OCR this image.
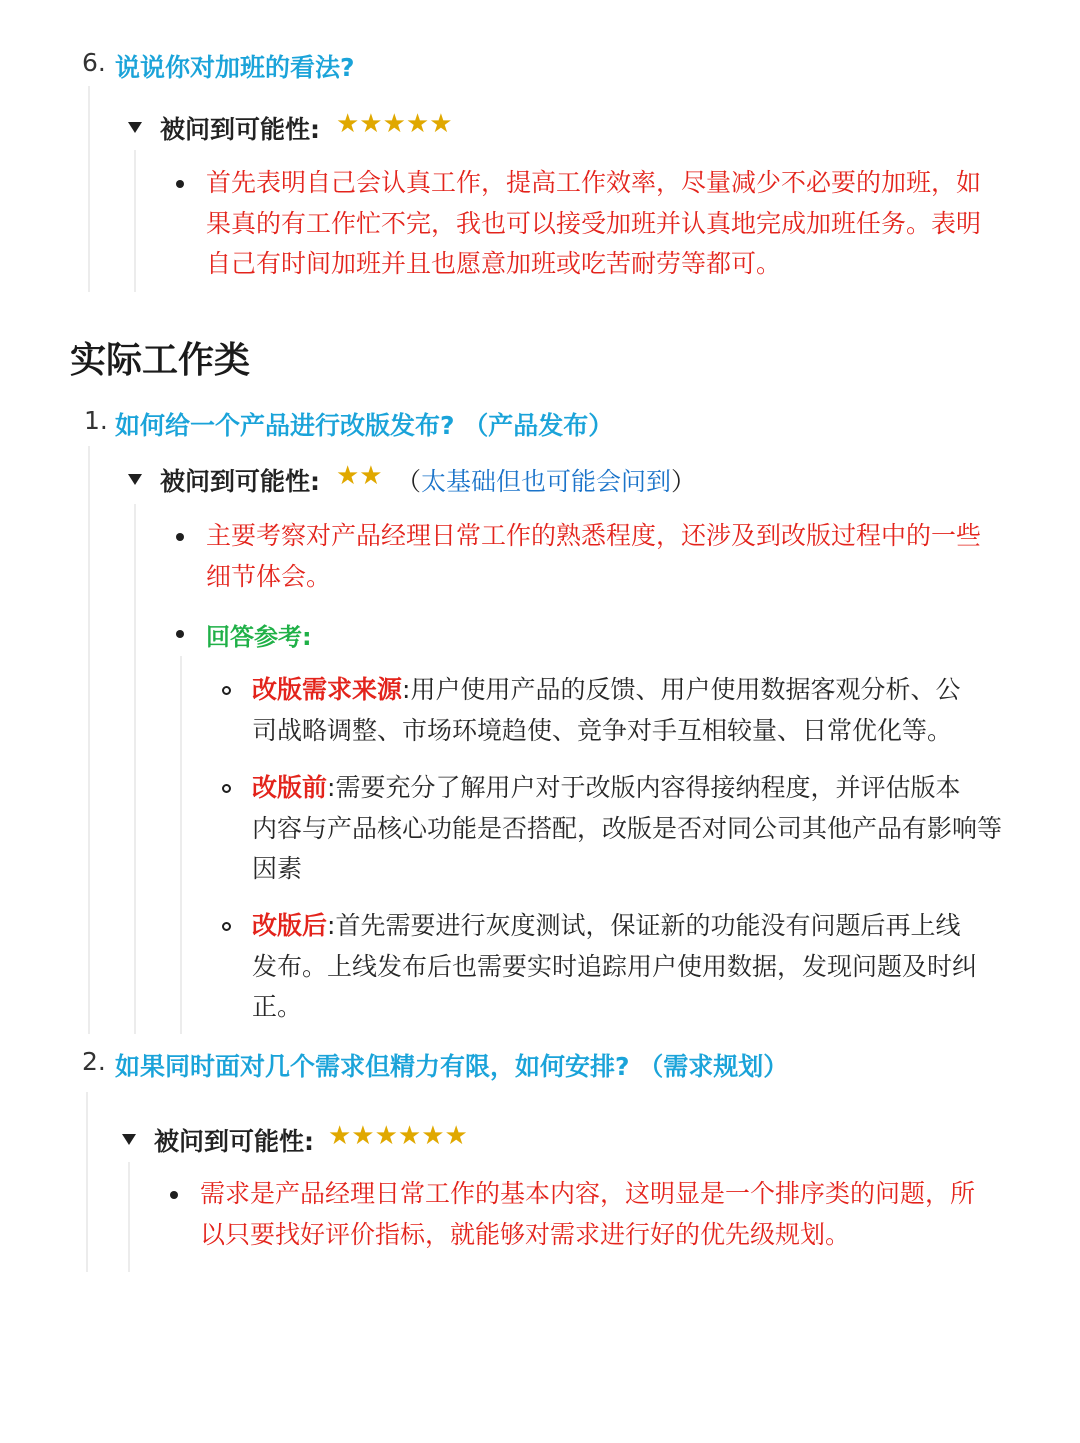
6. 说说你对加班的看法?
被问到可能性: ★★★★★
首先表明自己会认真工作，提高工作效率，尽量减少不必要的加班，如
果真的有工作忙不完，我也可以接受加班并认真地完成加班任务。表明
自己有时间加班并且也愿意加班或吃苦耐劳等都可。
实际工作类
1. 如何给一个产品进行改版发布? （产品发布）
被问到可能性: ★★ （太基础但也可能会问到）
主要考察对产品经理日常工作的熟悉程度，还涉及到改版过程中的一些
细节体会。
回答参考:
改版需求来源:用户使用产品的反馈、用户使用数据客观分析、公
司战略调整、市场环境趋使、竞争对手互相较量、日常优化等。
改版前:需要充分了解用户对于改版内容得接纳程度，并评估版本
内容与产品核心功能是否搭配，改版是否对同公司其他产品有影响等
因素
改版后:首先需要进行灰度测试，保证新的功能没有问题后再上线
发布。上线发布后也需要实时追踪用户使用数据，发现问题及时纠
正。
2. 如果同时面对几个需求但精力有限，如何安排? （需求规划）
被问到可能性: ★★★★★★
需求是产品经理日常工作的基本内容，这明显是一个排序类的问题，所
以只要找好评价指标，就能够对需求进行好的优先级规划。
